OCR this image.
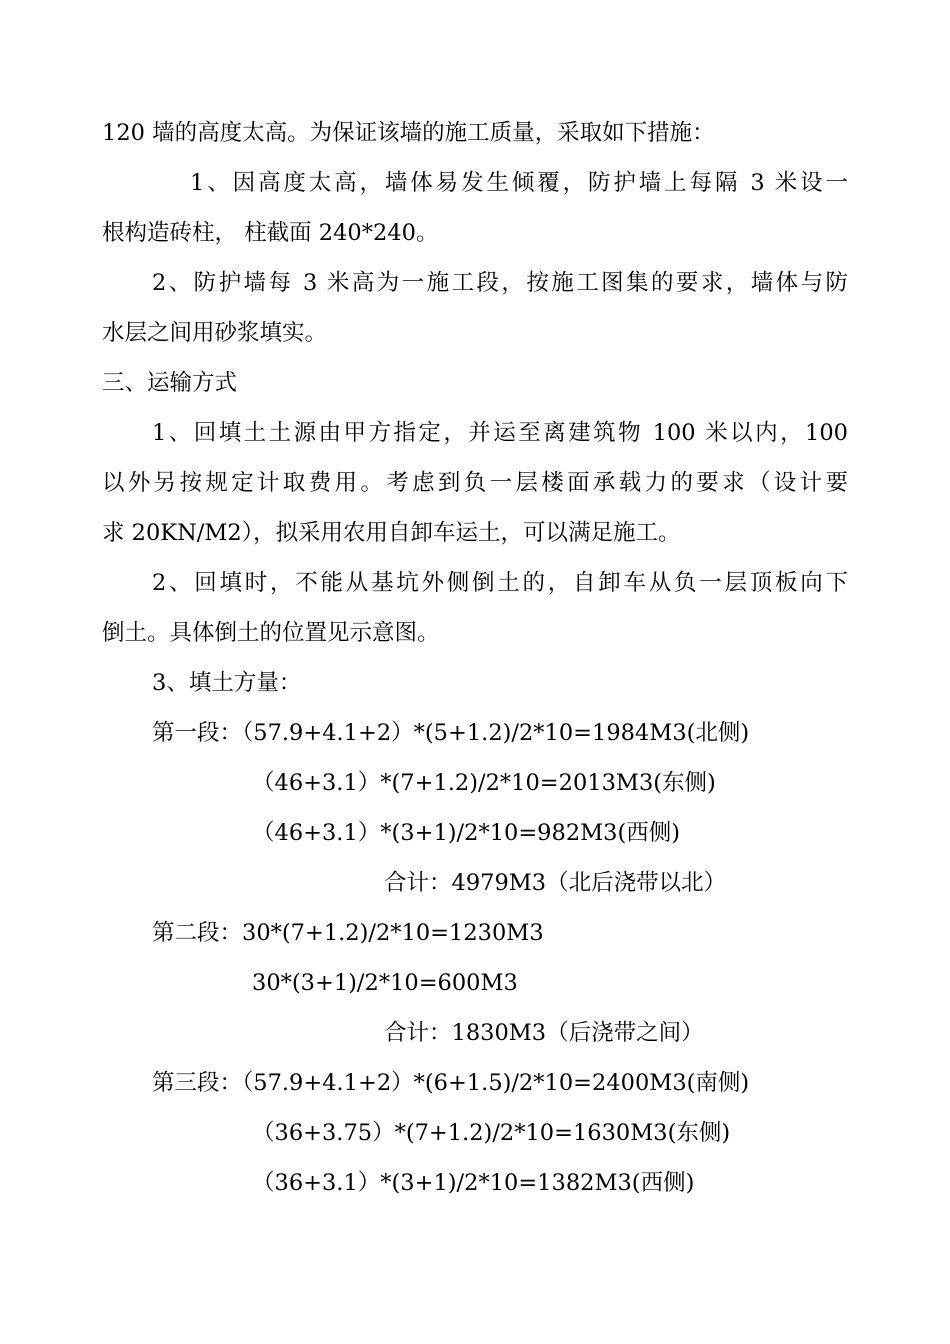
120 墙的高度太高。为保证该墙的施工质量，采取如下措施：
1、因高度太高，墙体易发生倾覆，防护墙上每隔 3 米设一
根构造砖柱， 柱截面 240*240。
2、防护墙每 3 米高为一施工段，按施工图集的要求，墙体与防
水层之间用砂浆填实。
三、运输方式
1、回填土土源由甲方指定，并运至离建筑物 100 米以内，100
以外另按规定计取费用。考虑到负一层楼面承载力的要求（设计要
求 20KN/M2），拟采用农用自卸车运土，可以满足施工。
2、回填时，不能从基坑外侧倒土的，自卸车从负一层顶板向下
倒土。具体倒土的位置见示意图。
3、填土方量：
第一段：（57.9+4.1+2）*(5+1.2)/2*10=1984M3(北侧)
（46+3.1）*(7+1.2)/2*10=2013M3(东侧)
（46+3.1）*(3+1)/2*10=982M3(西侧)
合计：4979M3（北后浇带以北）
第二段：30*(7+1.2)/2*10=1230M3
30*(3+1)/2*10=600M3
合计：1830M3（后浇带之间）
第三段：（57.9+4.1+2）*(6+1.5)/2*10=2400M3(南侧)
（36+3.75）*(7+1.2)/2*10=1630M3(东侧)
（36+3.1）*(3+1)/2*10=1382M3(西侧)
